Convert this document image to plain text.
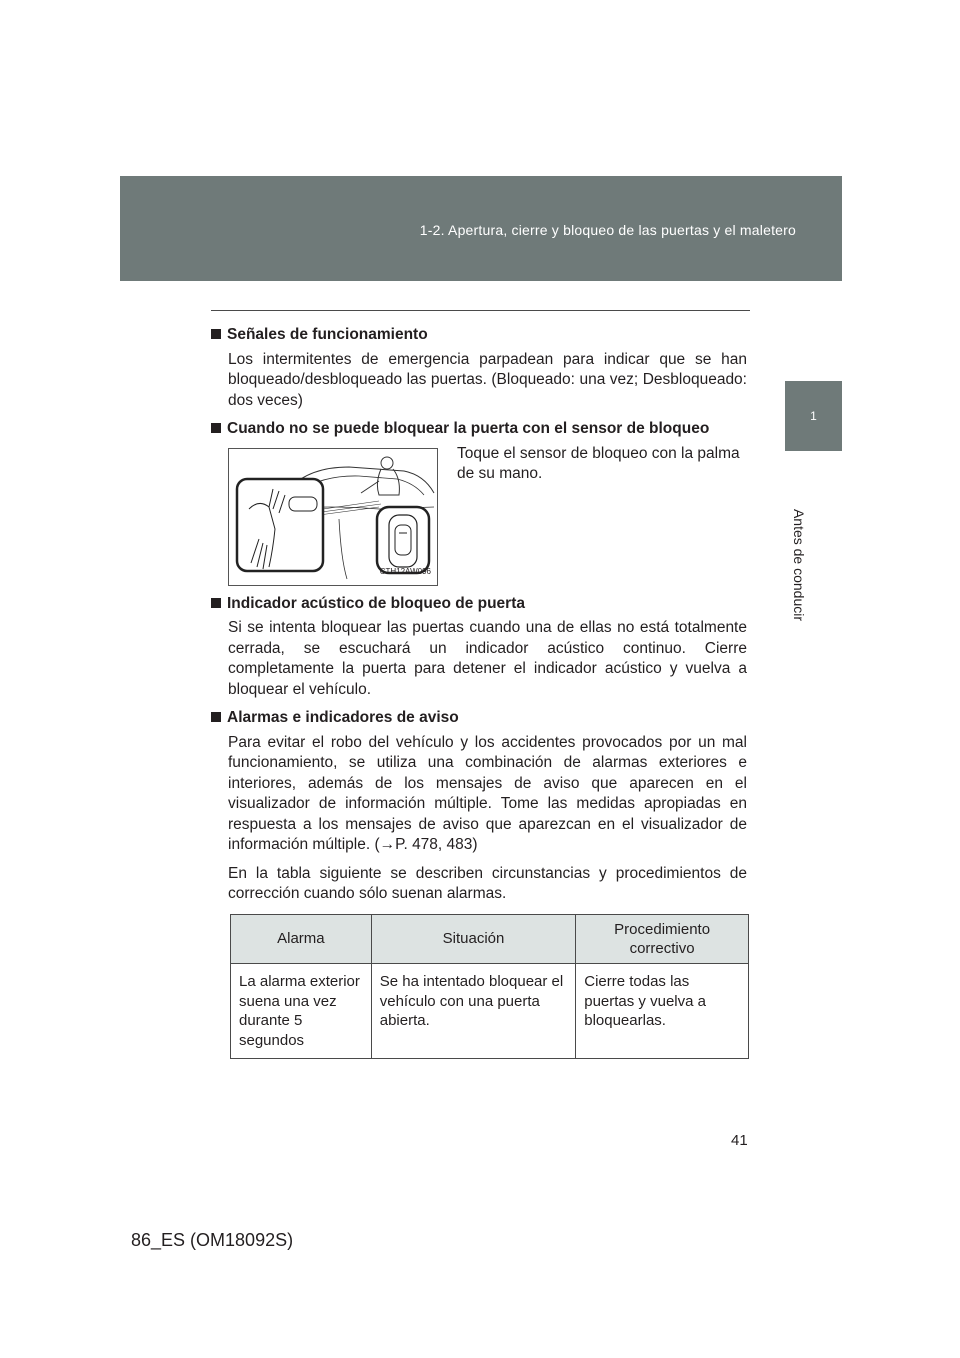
1-2. Apertura, cierre y bloqueo de las puertas y el maletero
1
Antes de conducir
Señales de funcionamiento

Los intermitentes de emergencia parpadean para indicar que se han bloqueado/desbloqueado las puertas. (Bloqueado: una vez; Desbloqueado: dos veces)

Cuando no se puede bloquear la puerta con el sensor de bloqueo
CTH12AW096
Toque el sensor de bloqueo con la palma de su mano.
Indicador acústico de bloqueo de puerta

Si se intenta bloquear las puertas cuando una de ellas no está totalmente cerrada, se escuchará un indicador acústico continuo. Cierre completamente la puerta para detener el indicador acústico y vuelva a bloquear el vehículo.

Alarmas e indicadores de aviso

Para evitar el robo del vehículo y los accidentes provocados por un mal funcionamiento, se utiliza una combinación de alarmas exteriores e interiores, además de los mensajes de aviso que aparecen en el visualizador de información múltiple. Tome las medidas apropiadas en respuesta a los mensajes de aviso que aparezcan en el visualizador de información múltiple. (→P. 478, 483)

En la tabla siguiente se describen circunstancias y procedimientos de corrección cuando sólo suenan alarmas.

Alarma	Situación	Procedimiento correctivo
La alarma exterior suena una vez durante 5 segundos	Se ha intentado bloquear el vehículo con una puerta abierta.	Cierre todas las puertas y vuelva a bloquearlas.
41
86_ES (OM18092S)
